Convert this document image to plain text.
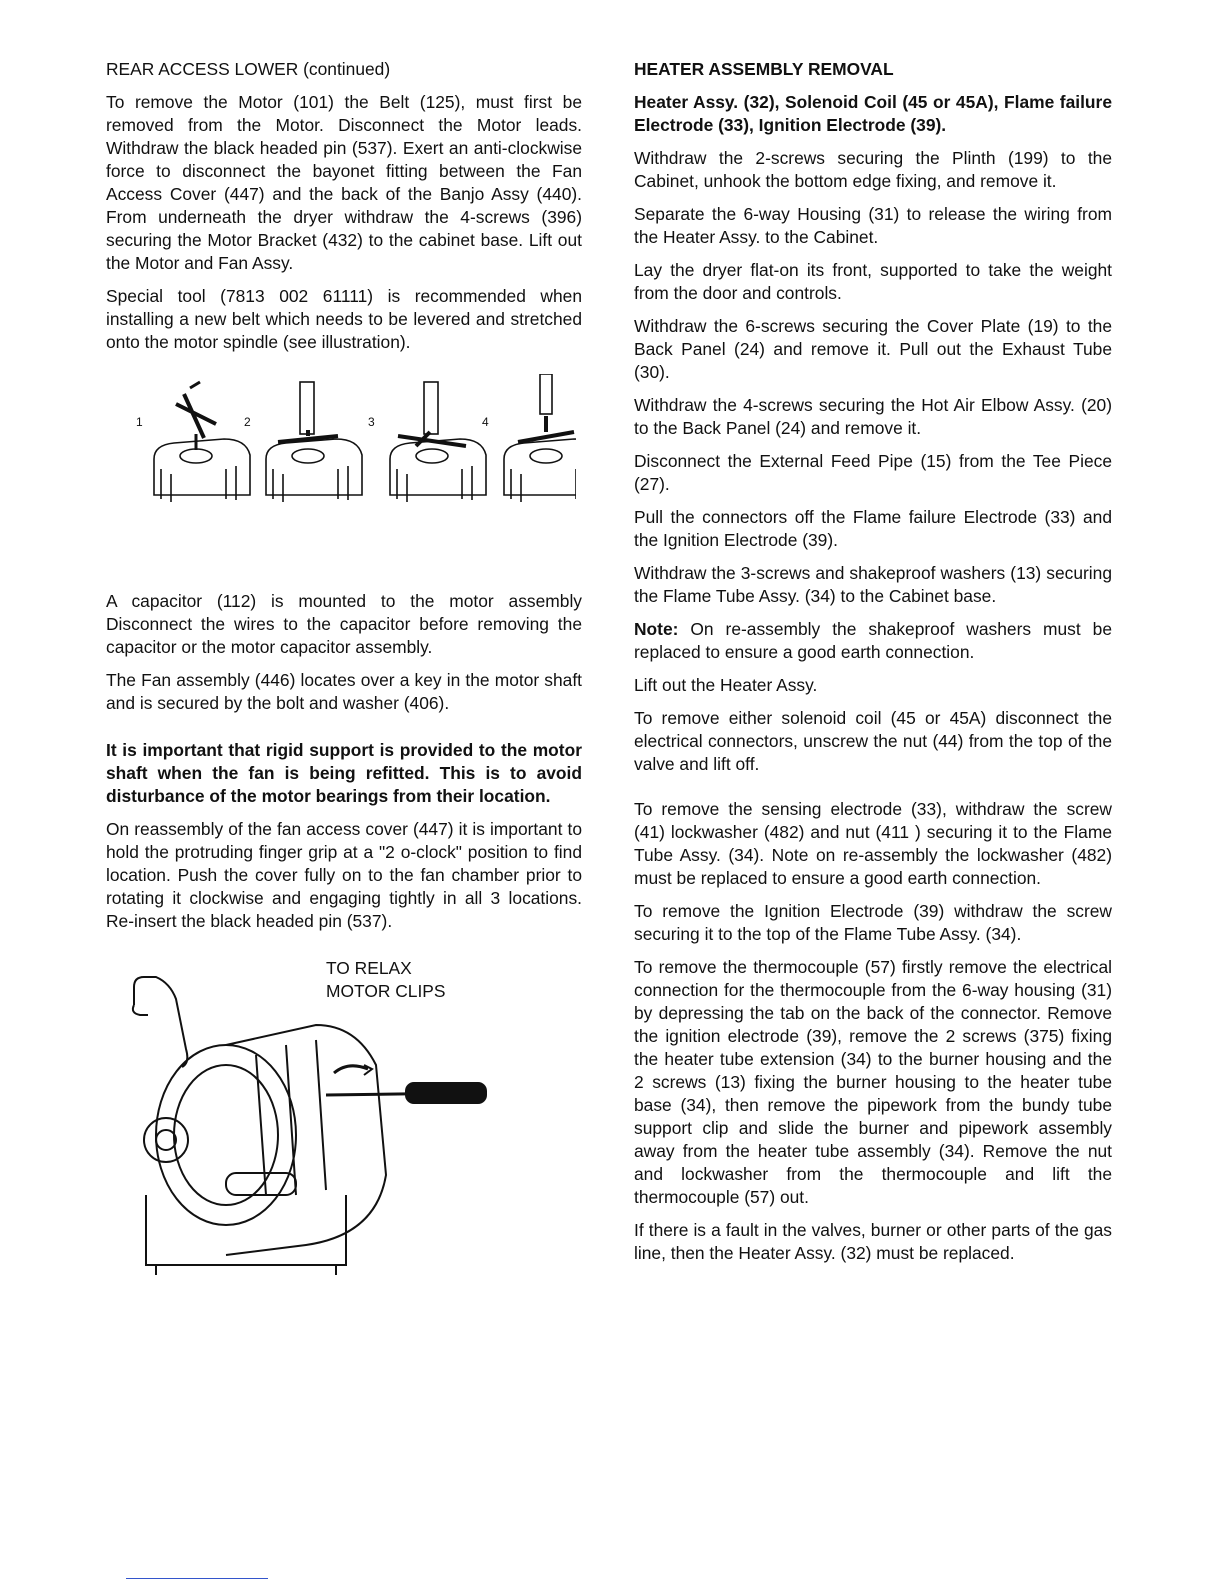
REAR ACCESS LOWER (continued)

To remove the Motor (101) the Belt (125), must first be removed from the Motor. Disconnect the Motor leads. Withdraw the black headed pin (537). Exert an anti-clockwise force to disconnect the bayonet fitting between the Fan Access Cover (447) and the back of the Banjo Assy (440). From underneath the dryer withdraw the 4-screws (396) securing the Motor Bracket (432) to the cabinet base. Lift out the Motor and Fan Assy.

Special tool (7813 002 61111) is recommended when installing a new belt which needs to be levered and stretched onto the motor spindle (see illustration).

1	2	3	4

A capacitor (112) is mounted to the motor assembly Disconnect the wires to the capacitor before removing the capacitor or the motor capacitor assembly.

The Fan assembly (446) locates over a key in the motor shaft and is secured by the bolt and washer (406).

It is important that rigid support is provided to the motor shaft when the fan is being refitted. This is to avoid disturbance of the motor bearings from their location.

On reassembly of the fan access cover (447) it is important to hold the protruding finger grip at a "2 o-clock" position to find location. Push the cover fully on to the fan chamber prior to rotating it clockwise and engaging tightly in all 3 locations. Re-insert the black headed pin (537).

TO RELAX
MOTOR CLIPS
HEATER ASSEMBLY REMOVAL

Heater Assy. (32), Solenoid Coil (45 or 45A), Flame failure Electrode (33), Ignition Electrode (39).

Withdraw the 2-screws securing the Plinth (199) to the Cabinet, unhook the bottom edge fixing, and remove it.

Separate the 6-way Housing (31) to release the wiring from the Heater Assy. to the Cabinet.

Lay the dryer flat-on its front, supported to take the weight from the door and controls.

Withdraw the 6-screws securing the Cover Plate (19) to the Back Panel (24) and remove it. Pull out the Exhaust Tube (30).

Withdraw the 4-screws securing the Hot Air Elbow Assy. (20) to the Back Panel (24) and remove it.

Disconnect the External Feed Pipe (15) from the Tee Piece (27).

Pull the connectors off the Flame failure Electrode (33) and the Ignition Electrode (39).

Withdraw the 3-screws and shakeproof washers (13) securing the Flame Tube Assy. (34) to the Cabinet base.

Note: On re-assembly the shakeproof washers must be replaced to ensure a good earth connection.

Lift out the Heater Assy.

To remove either solenoid coil (45 or 45A) disconnect the electrical connectors, unscrew the nut (44) from the top of the valve and lift off.

To remove the sensing electrode (33), withdraw the screw (41) lockwasher (482) and nut (411 ) securing it to the Flame Tube Assy. (34). Note on re-assembly the lockwasher (482) must be replaced to ensure a good earth connection.

To remove the Ignition Electrode (39) withdraw the screw securing it to the top of the Flame Tube Assy. (34).

To remove the thermocouple (57) firstly remove the electrical connection for the thermocouple from the 6-way housing (31) by depressing the tab on the back of the connector. Remove the ignition electrode (39), remove the 2 screws (375) fixing the heater tube extension (34) to the burner housing and the 2 screws (13) fixing the burner housing to the heater tube base (34), then remove the pipework from the bundy tube support clip and slide the burner and pipework assembly away from the heater tube assembly (34). Remove the nut and lockwasher from the thermocouple and lift the thermocouple (57) out.

If there is a fault in the valves, burner or other parts of the gas line, then the Heater Assy. (32) must be replaced.
